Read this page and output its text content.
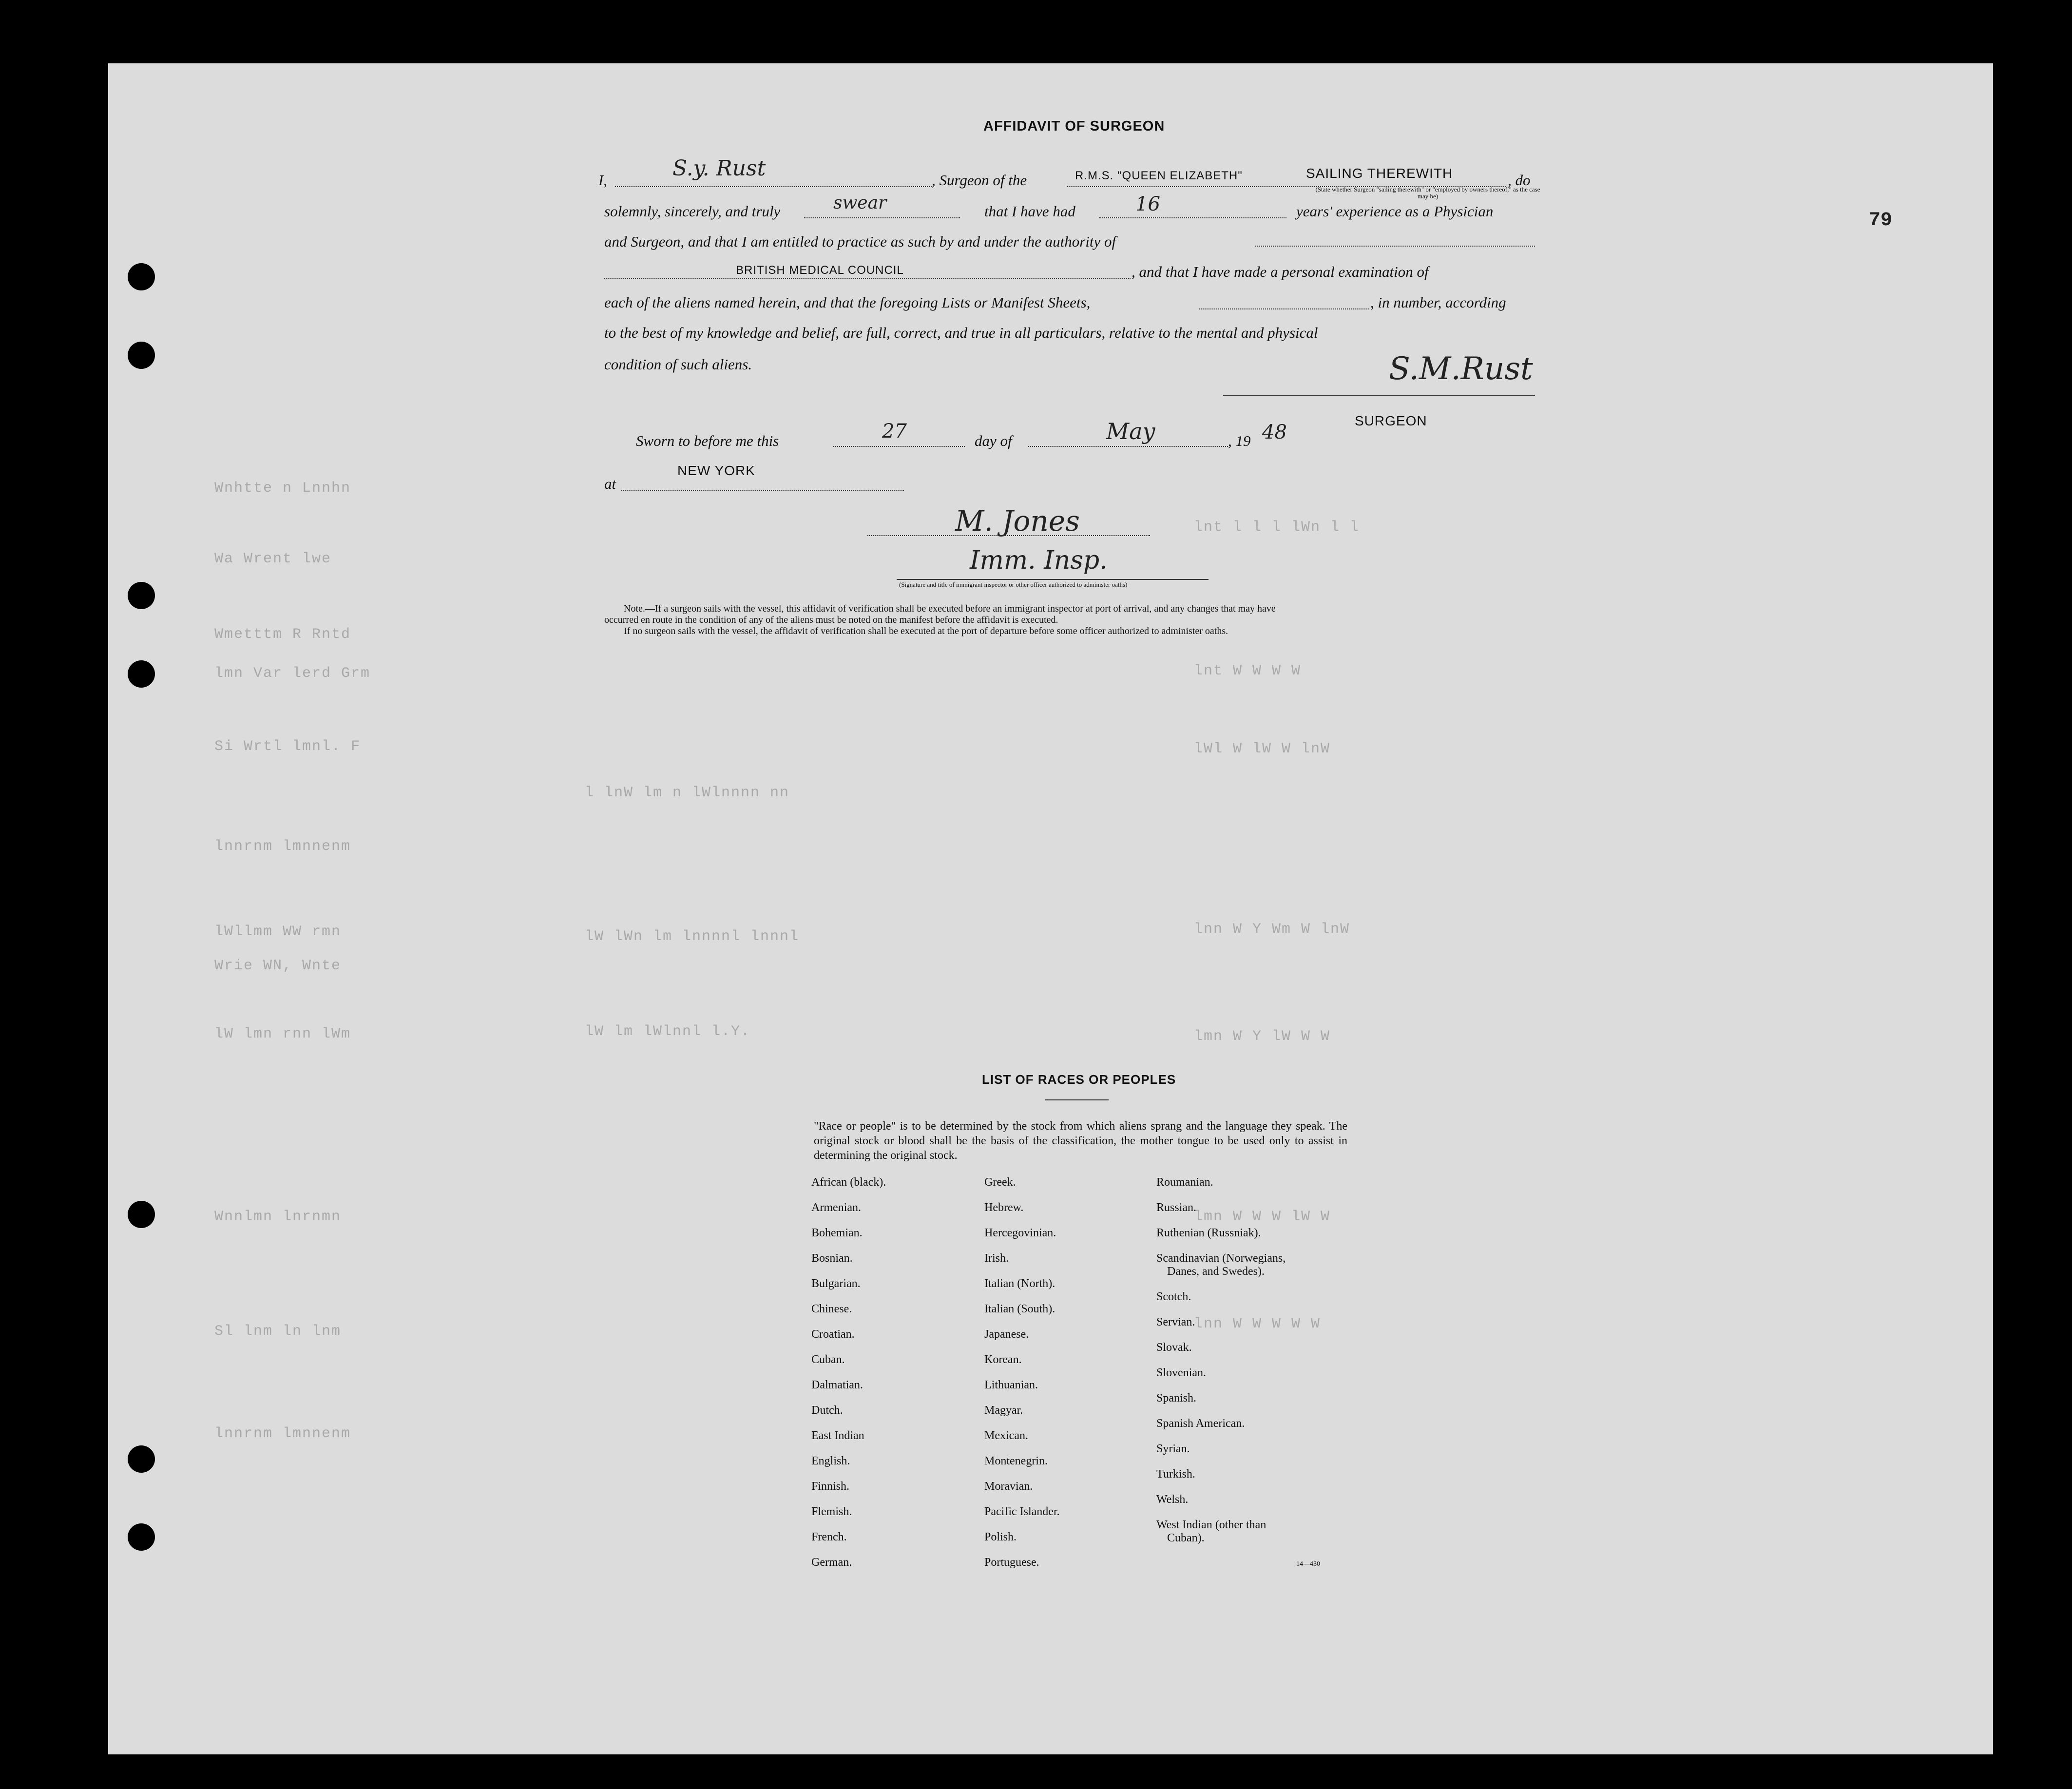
Wnhtte n Lnnhn
Wa Wrent lwe
Wmetttm R Rntd
lmn Var lerd Grm
Si Wrtl lmnl. F
lnnrnm lmnnenm
lWllmm WW rmn
Wrie WN, Wnte
lW lmn rnn lWm
Wnnlmn lnrnmn
Sl lnm ln lnm
lnnrnm lmnnenm
lnt l l l lWn l l
lnt W W W W
lWl W lW W lnW
lnn W Y Wm W lnW
lmn W Y lW W W
lmn W W W lW W
lnn W W W W W
l lnW lm n lWlnnnn nn
lW lWn lm lnnnnl lnnnl
lW lm lWlnnl l.Y.
79
AFFIDAVIT OF SURGEON
I,	S.y. Rust	, Surgeon of the	R.M.S. "QUEEN ELIZABETH"	SAILING THEREWITH	, do
(State whether Surgeon "sailing therewith" or "employed by owners thereof," as the case may be)
solemnly, sincerely, and truly	swear	that I have had	16	years' experience as a Physician
and Surgeon, and that I am entitled to practice as such by and under the authority of
BRITISH MEDICAL COUNCIL	, and that I have made a personal examination of
each of the aliens named herein, and that the foregoing Lists or Manifest Sheets,	, in number, according
to the best of my knowledge and belief, are full, correct, and true in all particulars, relative to the mental and physical
condition of such aliens.	S.M.Rust
SURGEON
Sworn to before me this	27	day of	May	, 19 48
NEW YORK
at
M. Jones
Imm. Insp.
(Signature and title of immigrant inspector or other officer authorized to administer oaths)
Note.—If a surgeon sails with the vessel, this affidavit of verification shall be executed before an immigrant inspector at port of arrival, and any changes that may have
occurred en route in the condition of any of the aliens must be noted on the manifest before the affidavit is executed.
If no surgeon sails with the vessel, the affidavit of verification shall be executed at the port of departure before some officer authorized to administer oaths.
LIST OF RACES OR PEOPLES
"Race or people" is to be determined by the stock from which aliens sprang and the language they speak. The original stock or blood shall be the basis of the classification, the mother tongue to be used only to assist in determining the original stock.
African (black).
Armenian.
Bohemian.
Bosnian.
Bulgarian.
Chinese.
Croatian.
Cuban.
Dalmatian.
Dutch.
East Indian
English.
Finnish.
Flemish.
French.
German.
Greek.
Hebrew.
Hercegovinian.
Irish.
Italian (North).
Italian (South).
Japanese.
Korean.
Lithuanian.
Magyar.
Mexican.
Montenegrin.
Moravian.
Pacific Islander.
Polish.
Portuguese.
Roumanian.
Russian.
Ruthenian (Russniak).
Scandinavian (Norwegians,
Danes, and Swedes).
Scotch.
Servian.
Slovak.
Slovenian.
Spanish.
Spanish American.
Syrian.
Turkish.
Welsh.
West Indian (other than
Cuban).
14—430
